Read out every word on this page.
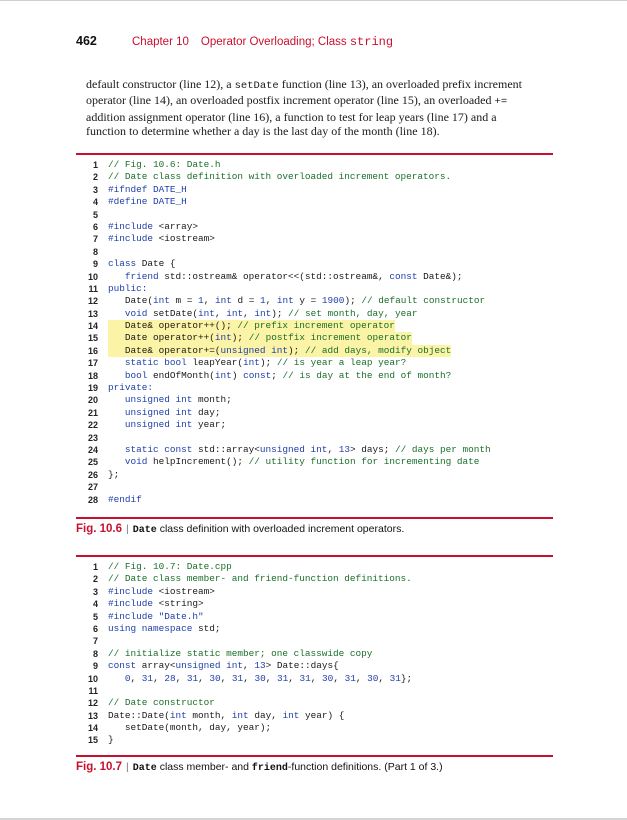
462	Chapter 10 Operator Overloading; Class string
default constructor (line 12), a setDate function (line 13), an overloaded prefix increment
operator (line 14), an overloaded postfix increment operator (line 15), an overloaded +=
addition assignment operator (line 16), a function to test for leap years (line 17) and a
function to determine whether a day is the last day of the month (line 18).
1 // Fig. 10.6: Date.h
2 // Date class definition with overloaded increment operators.
3 #ifndef DATE_H
4 #define DATE_H
5
6 #include <array>
7 #include <iostream>
8
9 class Date {
10	friend std::ostream& operator<<(std::ostream&, const Date&);
11 public:
12 Date(int m = 1, int d = 1, int y = 1900); // default constructor
13	void setDate(int, int, int); // set month, day, year
14 Date& operator++(); // prefix increment operator
15 Date operator++(int); // postfix increment operator
16 Date& operator+=(unsigned int); // add days, modify object
17	static bool leapYear(int); // is year a leap year?
18	bool endOfMonth(int) const; // is day at the end of month?
19 private:
20	unsigned int month;
21	unsigned int day;
22	unsigned int year;
23
24	static const std::array<unsigned int, 13> days; // days per month
25	void helpIncrement(); // utility function for incrementing date
26 };
27
28 #endif
Fig. 10.6 | Date class definition with overloaded increment operators.
1 // Fig. 10.7: Date.cpp
2 // Date class member- and friend-function definitions.
3 #include <iostream>
4 #include <string>
5 #include "Date.h"
6 using namespace std;
7
8 // initialize static member; one classwide copy
9 const array<unsigned int, 13> Date::days{
10	0, 31, 28, 31, 30, 31, 30, 31, 31, 30, 31, 30, 31};
11
12 // Date constructor
13 Date::Date(int month, int day, int year) {
14 setDate(month, day, year);
15 }
Fig. 10.7 | Date class member- and friend-function definitions. (Part 1 of 3.)
